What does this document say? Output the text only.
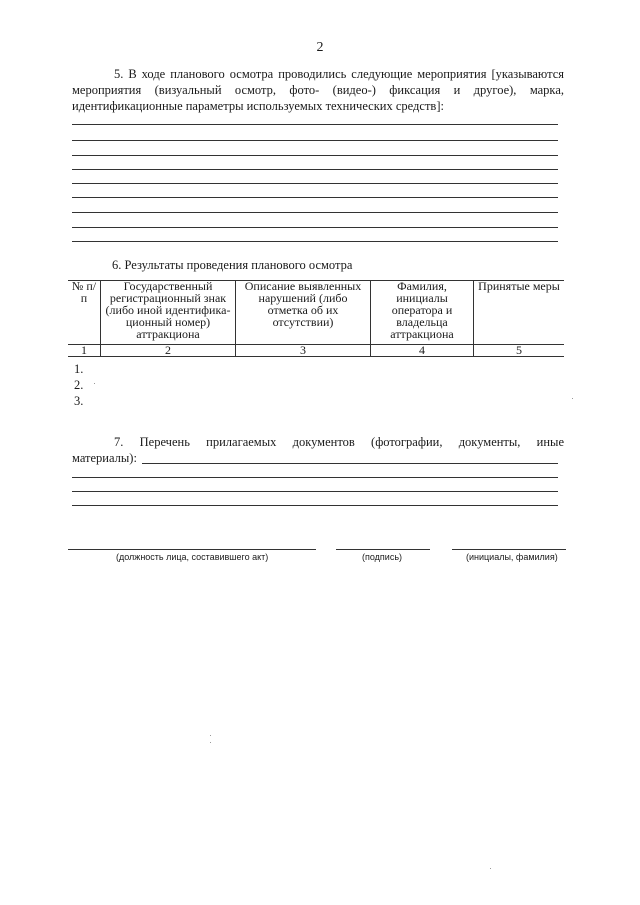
2
5. В ходе планового осмотра проводились следующие мероприятия [указываются мероприятия (визуальный осмотр, фото- (видео-) фиксация и другое), марка, идентификационные параметры используемых технических средств]:
6. Результаты проведения планового осмотра
№ п/п	Государственный регистрационный знак (либо иной идентифика-ционный номер) аттракциона	Описание выявленных нарушений (либо отметка об их отсутствии)	Фамилия, инициалы оператора и владельца аттракциона	Принятые меры
1	2	3	4	5
1.
2.
3.
7. Перечень прилагаемых документов (фотографии, документы, иные
материалы):
(должность лица, составившего акт)	(подпись)	(инициалы, фамилия)
